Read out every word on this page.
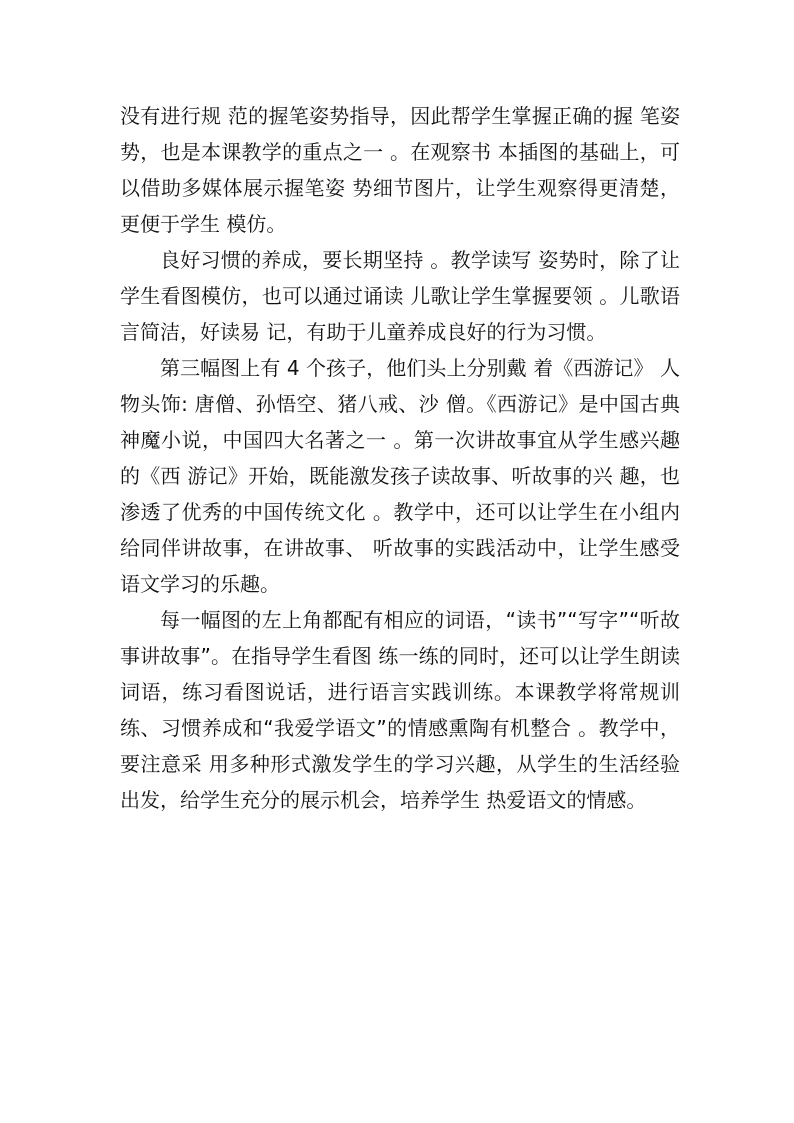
没有进行规 范的握笔姿势指导，因此帮学生掌握正确的握 笔姿势，也是本课教学的重点之一 。在观察书 本插图的基础上，可以借助多媒体展示握笔姿 势细节图片，让学生观察得更清楚，更便于学生 模仿。

良好习惯的养成，要长期坚持 。教学读写 姿势时，除了让学生看图模仿，也可以通过诵读 儿歌让学生掌握要领 。儿歌语言简洁，好读易 记，有助于儿童养成良好的行为习惯。

第三幅图上有 4 个孩子，他们头上分别戴 着《西游记》 人物头饰: 唐僧、孙悟空、猪八戒、沙 僧。《西游记》是中国古典神魔小说，中国四大名著之一 。第一次讲故事宜从学生感兴趣的《西 游记》开始，既能激发孩子读故事、听故事的兴 趣，也渗透了优秀的中国传统文化 。教学中，还可以让学生在小组内给同伴讲故事，在讲故事、 听故事的实践活动中，让学生感受语文学习的乐趣。

每一幅图的左上角都配有相应的词语，“读书”“写字”“听故事讲故事”。在指导学生看图 练一练的同时，还可以让学生朗读词语，练习看图说话，进行语言实践训练。本课教学将常规训练、习惯养成和“我爱学语文”的情感熏陶有机整合 。教学中，要注意采 用多种形式激发学生的学习兴趣，从学生的生活经验出发，给学生充分的展示机会，培养学生 热爱语文的情感。
